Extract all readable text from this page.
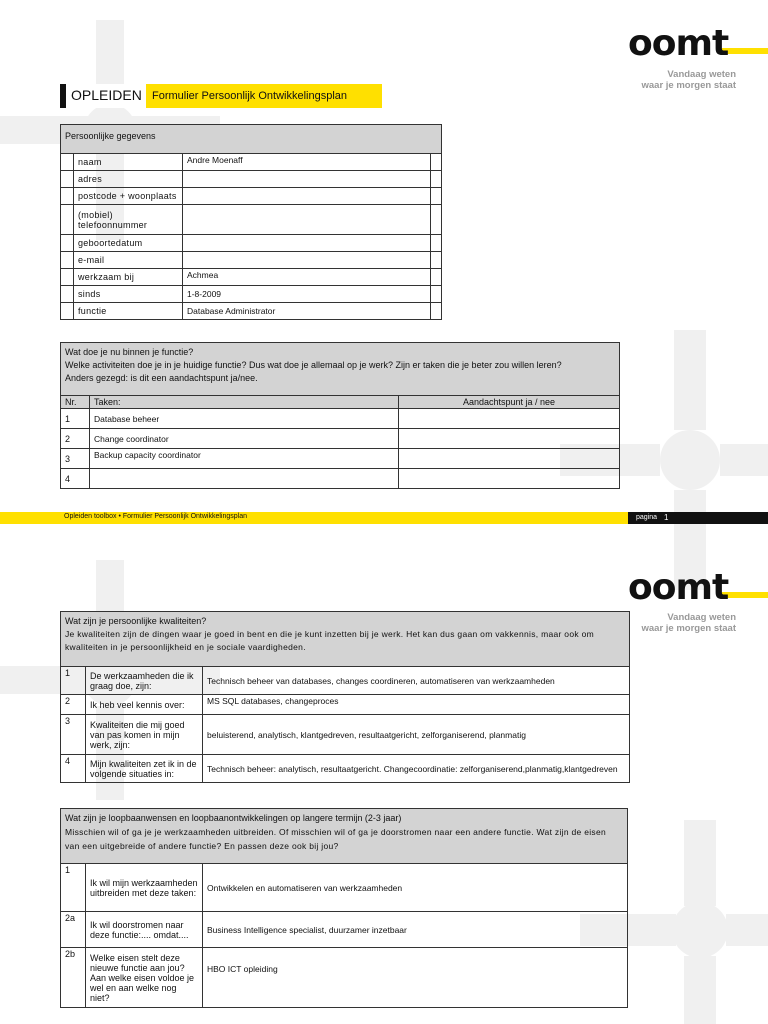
oomt
Vandaag weten
waar je morgen staat
OPLEIDEN Formulier Persoonlijk Ontwikkelingsplan
Persoonlijke gegevens			
	naam	Andre Moenaff	
	adres		
	postcode + woonplaats		
	(mobiel) telefoonnummer		
	geboortedatum		
	e-mail		
	werkzaam bij	Achmea	
	sinds	1-8-2009	
	functie	Database Administrator	
Wat doe je nu binnen je functie?
Welke activiteiten doe je in je huidige functie? Dus wat doe je allemaal op je werk? Zijn er taken die je beter zou willen leren?
Anders gezegd: is dit een aandachtspunt ja/nee.		

Nr.	Taken:	Aandachtspunt ja / nee
1	Database beheer	
2	Change coordinator	
3	Backup capacity coordinator	
4		
Opleiden toolbox • Formulier Persoonlijk Ontwikkelingsplan	pagina 1
oomt
Vandaag weten
waar je morgen staat
Wat zijn je persoonlijke kwaliteiten?
Je kwaliteiten zijn de dingen waar je goed in bent en die je kunt inzetten bij je werk. Het kan dus gaan om vakkennis, maar ook om kwaliteiten in je persoonlijkheid en je sociale vaardigheden.		

1	De werkzaamheden die ik graag doe, zijn:	Technisch beheer van databases, changes coordineren, automatiseren van werkzaamheden
2	Ik heb veel kennis over:	MS SQL databases, changeproces
3	Kwaliteiten die mij goed van pas komen in mijn werk, zijn:	beluisterend, analytisch, klantgedreven, resultaatgericht, zelforganiserend, planmatig
4	Mijn kwaliteiten zet ik in de volgende situaties in:	Technisch beheer: analytisch, resultaatgericht. Changecoordinatie: zelforganiserend,planmatig,klantgedreven
Wat zijn je loopbaanwensen en loopbaanontwikkelingen op langere termijn (2-3 jaar)
Misschien wil of ga je je werkzaamheden uitbreiden. Of misschien wil of ga je doorstromen naar een andere functie. Wat zijn de eisen van een uitgebreide of andere functie? En passen deze ook bij jou?		

1	Ik wil mijn werkzaamheden uitbreiden met deze taken:	Ontwikkelen en automatiseren van werkzaamheden
2a	Ik wil doorstromen naar deze functie:.... omdat....	Business Intelligence specialist, duurzamer inzetbaar
2b	Welke eisen stelt deze nieuwe functie aan jou? Aan welke eisen voldoe je wel en aan welke nog niet?	HBO ICT opleiding
